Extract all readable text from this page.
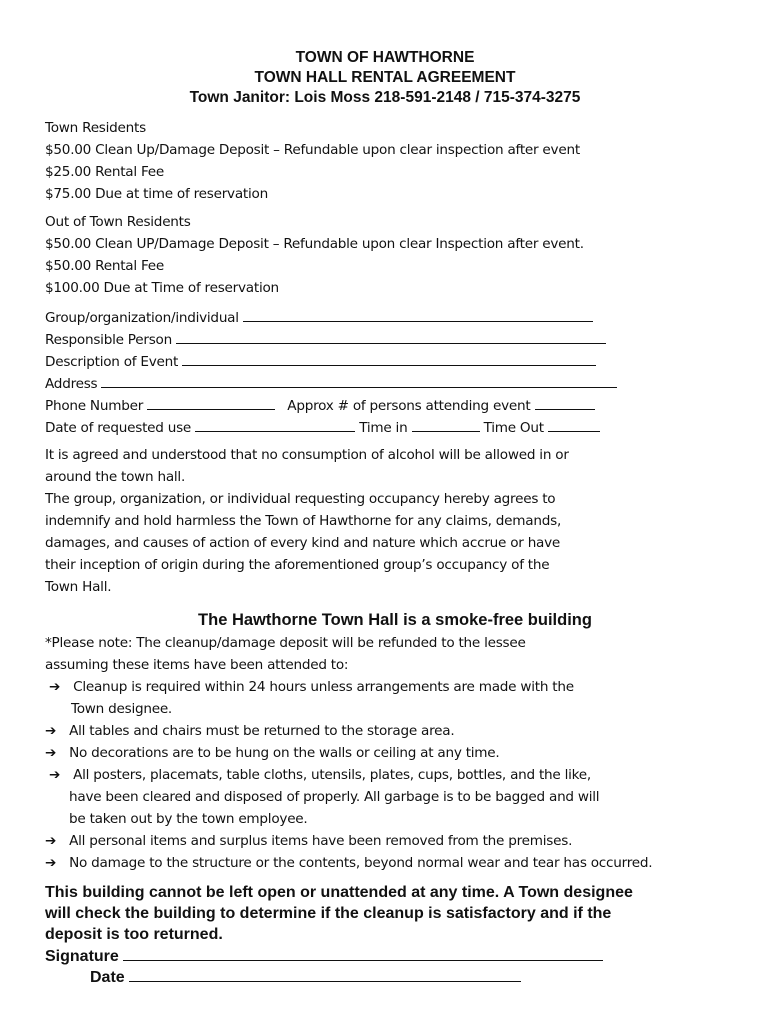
TOWN OF HAWTHORNE
TOWN HALL RENTAL AGREEMENT
Town Janitor: Lois Moss 218-591-2148 / 715-374-3275
Town Residents
$50.00 Clean Up/Damage Deposit – Refundable upon clear inspection after event
$25.00 Rental Fee
$75.00 Due at time of reservation
Out of Town Residents
$50.00 Clean UP/Damage Deposit – Refundable upon clear Inspection after event.
$50.00 Rental Fee
$100.00 Due at Time of reservation
Group/organization/individual
Responsible Person
Description of Event
Address
Phone Number	Approx # of persons attending event
Date of requested use	Time in	Time Out
It is agreed and understood that no consumption of alcohol will be allowed in or
around the town hall.
The group, organization, or individual requesting occupancy hereby agrees to
indemnify and hold harmless the Town of Hawthorne for any claims, demands,
damages, and causes of action of every kind and nature which accrue or have
their inception of origin during the aforementioned group’s occupancy of the
Town Hall.
The Hawthorne Town Hall is a smoke-free building
*Please note: The cleanup/damage deposit will be refunded to the lessee
assuming these items have been attended to:
➔ Cleanup is required within 24 hours unless arrangements are made with the
Town designee.
➔ All tables and chairs must be returned to the storage area.
➔ No decorations are to be hung on the walls or ceiling at any time.
➔ All posters, placemats, table cloths, utensils, plates, cups, bottles, and the like,
have been cleared and disposed of properly. All garbage is to be bagged and will
be taken out by the town employee.
➔ All personal items and surplus items have been removed from the premises.
➔ No damage to the structure or the contents, beyond normal wear and tear has occurred.
This building cannot be left open or unattended at any time. A Town designee
will check the building to determine if the cleanup is satisfactory and if the
deposit is too returned.
Signature
Date
